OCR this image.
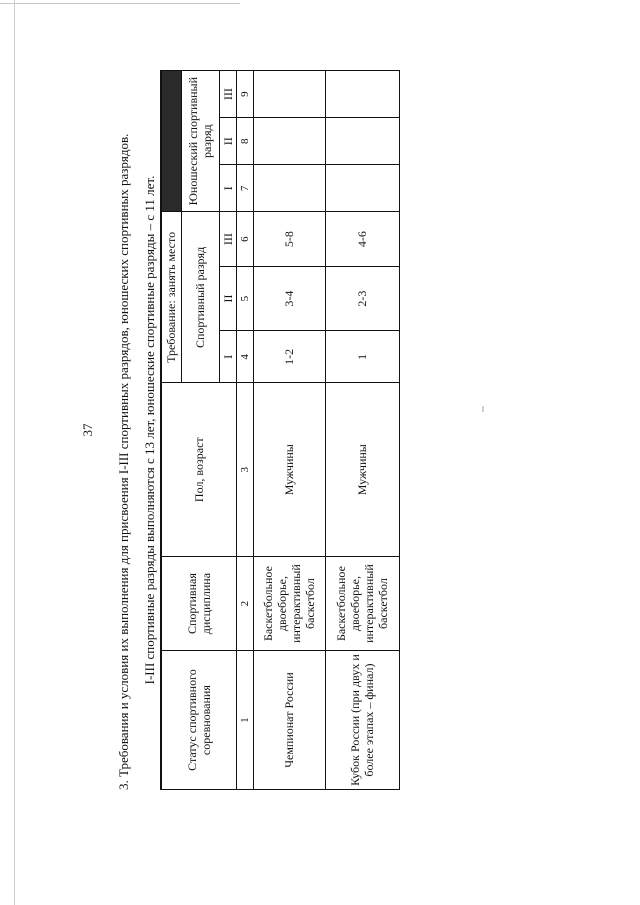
37 3. Требования и условия их выполнения для присвоения I-III спортивных разрядов, юношеских спортивных разрядов. I-III спортивные разряды выполняются с 13 лет, юношеские спортивные разряды – с 11 лет.
Статус спортивного соревнования	Спортивная дисциплина	Пол, возраст	Требование: занять место					
			Спортивный разряд			Юношеский спортивный разряд		
			I	II	III	I	II	III
1	2	3	4	5	6	7	8	9
Чемпионат России	Баскетбольное двоеборье, интерактивный баскетбол	Мужчины	1-2	3-4	5-8			
Кубок России (при двух и более этапах – финал)	Баскетбольное двоеборье, интерактивный баскетбол	Мужчины	1	2-3	4-6			
